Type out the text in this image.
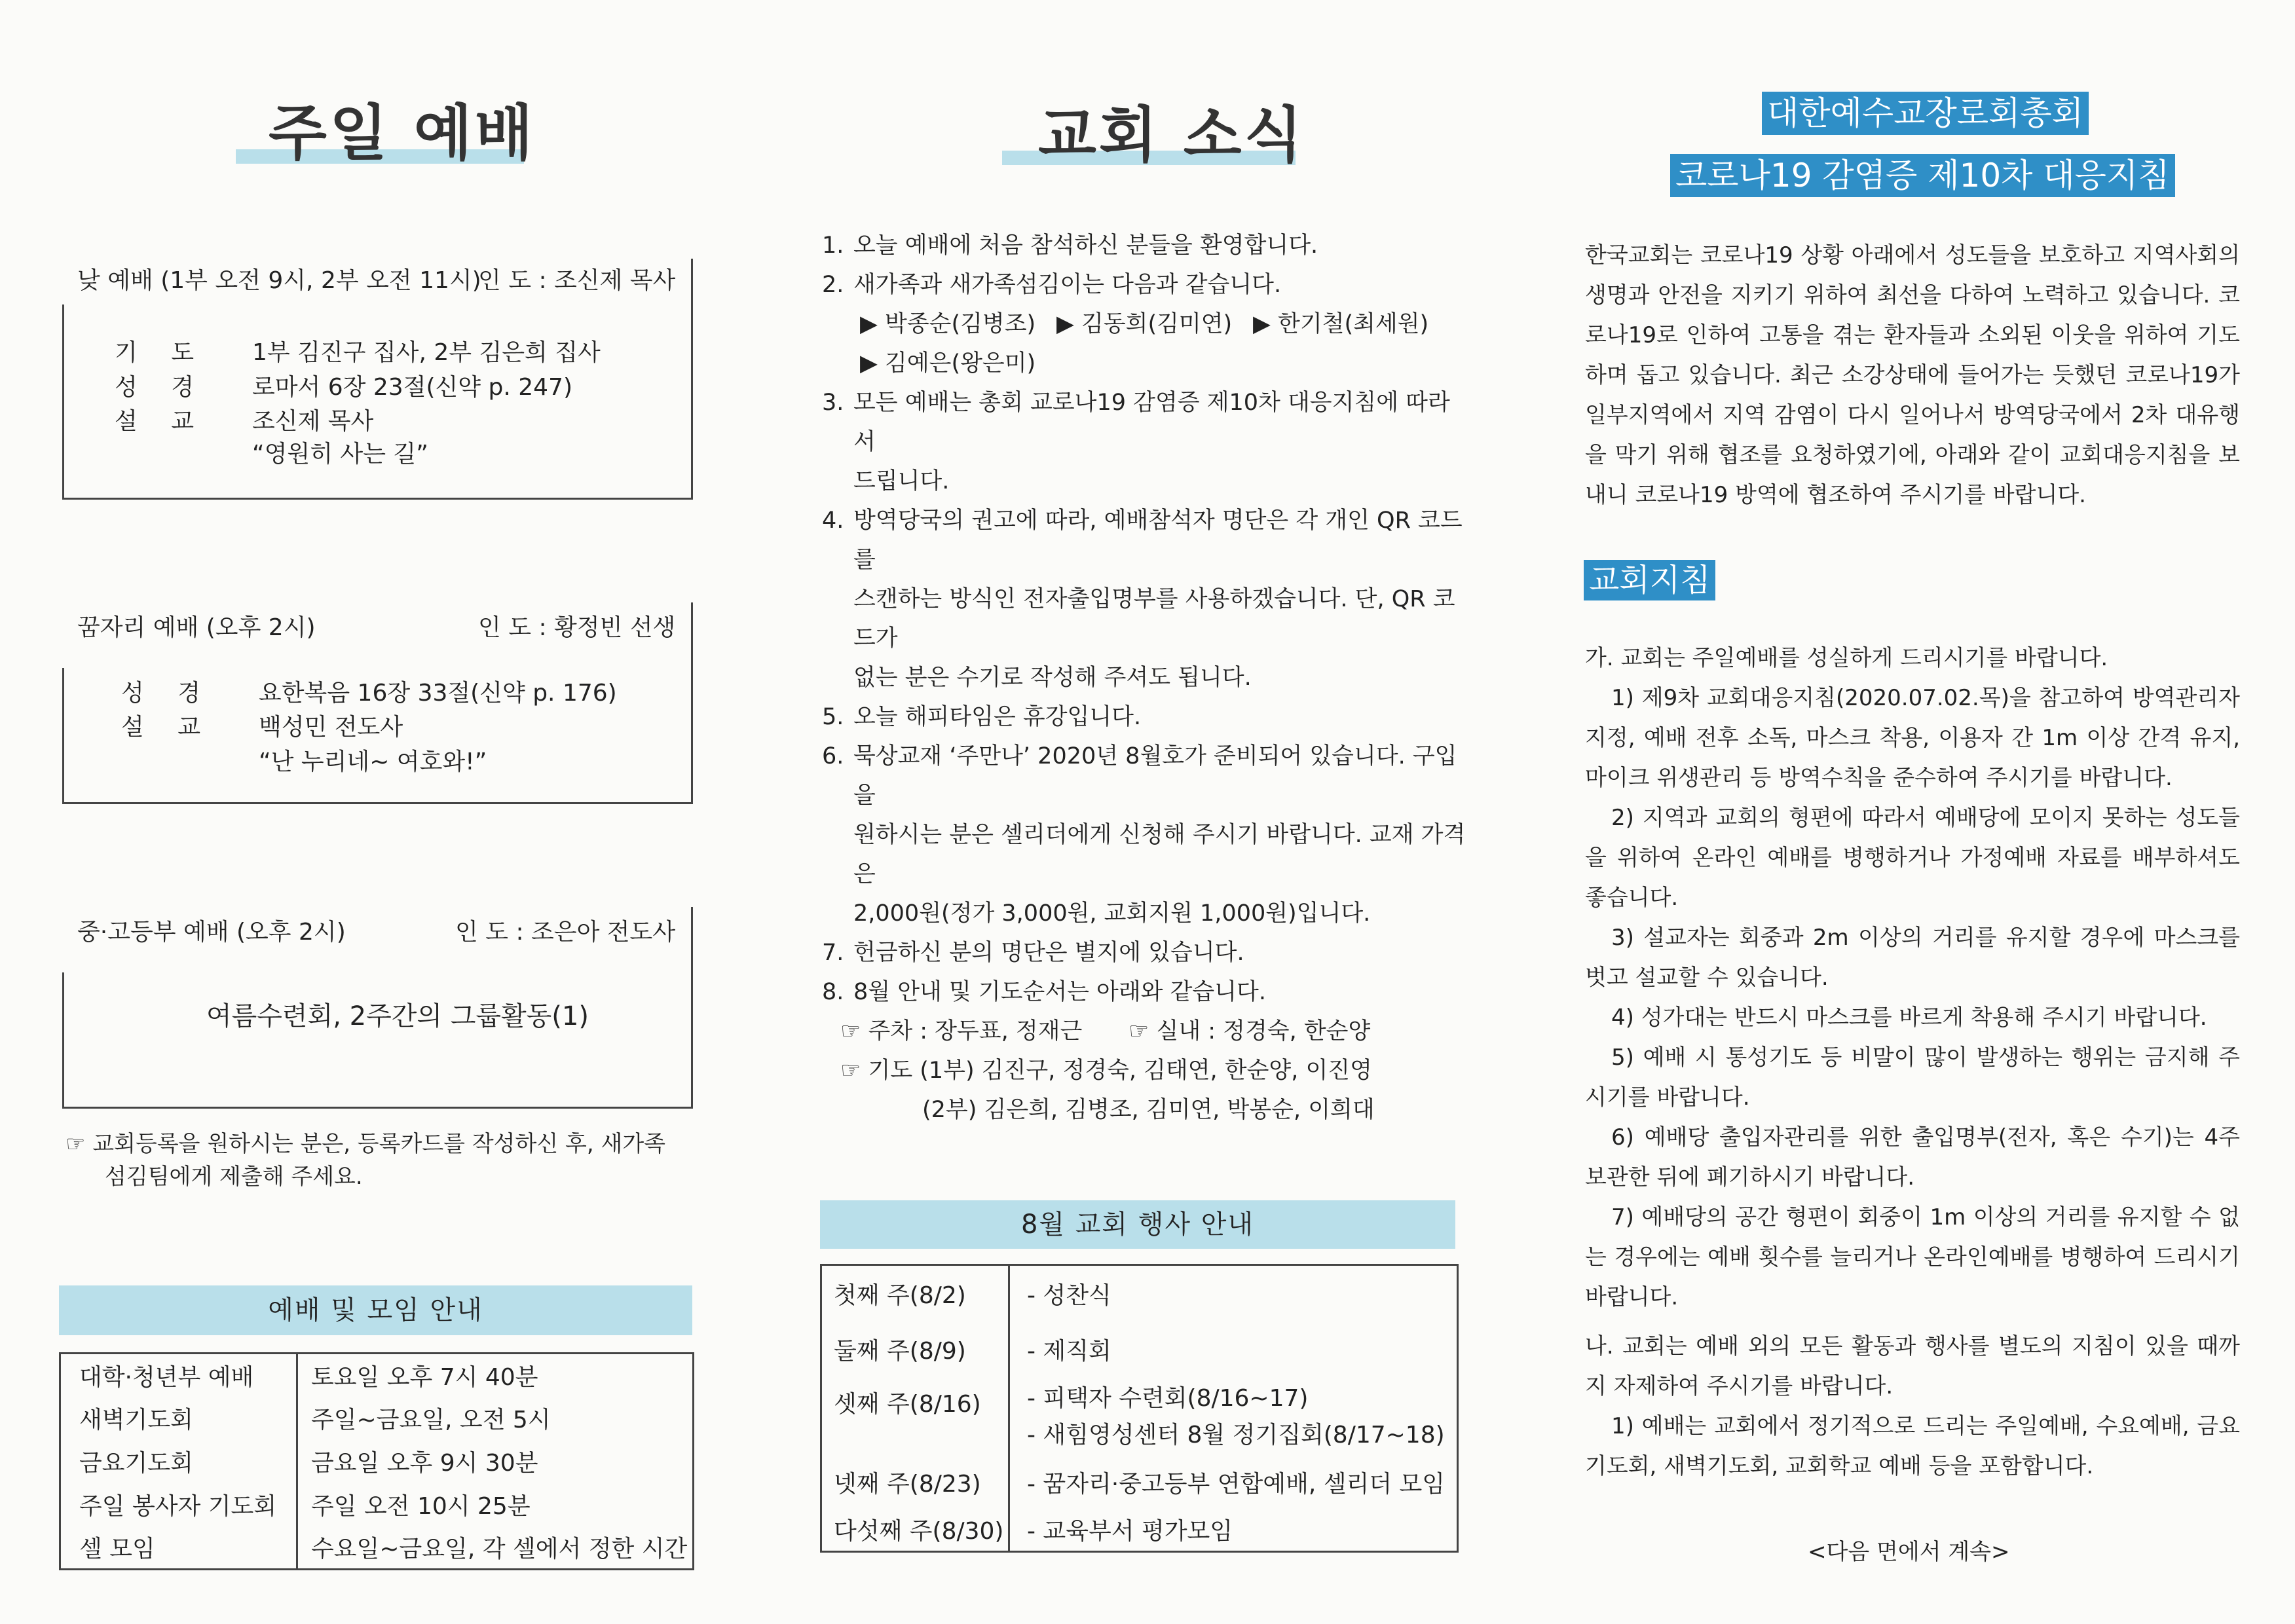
주일 예배
낮 예배 (1부 오전 9시, 2부 오전 11시)
인 도 : 조신제 목사
기 도 1부 김진구 집사, 2부 김은희 집사
성 경 로마서 6장 23절(신약 p. 247)
설 교 조신제 목사
“영원히 사는 길”
꿈자리 예배 (오후 2시)	인 도 : 황정빈 선생
성 경 요한복음 16장 33절(신약 p. 176)
설 교 백성민 전도사
“난 누리네~ 여호와!”
중·고등부 예배 (오후 2시)	인 도 : 조은아 전도사
여름수련회, 2주간의 그룹활동(1)
☞ 교회등록을 원하시는 분은, 등록카드를 작성하신 후, 새가족
섬김팀에게 제출해 주세요.
예배 및 모임 안내
대학·청년부 예배	토요일 오후 7시 40분
새벽기도회	주일~금요일, 오전 5시
금요기도회	금요일 오후 9시 30분
주일 봉사자 기도회	주일 오전 10시 25분
셀 모임	수요일~금요일, 각 셀에서 정한 시간
교회 소식
1. 오늘 예배에 처음 참석하신 분들을 환영합니다.
2. 새가족과 새가족섬김이는 다음과 같습니다.
▶ 박종순(김병조) ▶ 김동희(김미연) ▶ 한기철(최세원)
▶ 김예은(왕은미)
3. 모든 예배는 총회 교로나19 감염증 제10차 대응지침에 따라서
드립니다.
4. 방역당국의 권고에 따라, 예배참석자 명단은 각 개인 QR 코드를
스캔하는 방식인 전자출입명부를 사용하겠습니다. 단, QR 코드가
없는 분은 수기로 작성해 주셔도 됩니다.
5. 오늘 해피타임은 휴강입니다.
6. 묵상교재 ‘주만나’ 2020년 8월호가 준비되어 있습니다. 구입을
원하시는 분은 셀리더에게 신청해 주시기 바랍니다. 교재 가격은
2,000원(정가 3,000원, 교회지원 1,000원)입니다.
7. 헌금하신 분의 명단은 별지에 있습니다.
8. 8월 안내 및 기도순서는 아래와 같습니다.
☞ 주차 : 장두표, 정재근 ☞ 실내 : 정경숙, 한순양
☞ 기도 (1부) 김진구, 정경숙, 김태연, 한순양, 이진영
(2부) 김은희, 김병조, 김미연, 박봉순, 이희대
8월 교회 행사 안내
첫째 주(8/2)	- 성찬식
둘째 주(8/9)	- 제직회
셋째 주(8/16)	- 피택자 수련회(8/16~17)
- 새힘영성센터 8월 정기집회(8/17~18)

넷째 주(8/23)	- 꿈자리·중고등부 연합예배, 셀리더 모임
다섯째 주(8/30)	- 교육부서 평가모임
대한예수교장로회총회
코로나19 감염증 제10차 대응지침

한국교회는 코로나19 상황 아래에서 성도들을 보호하고 지역사회의 생명과 안전을 지키기 위하여 최선을 다하여 노력하고 있습니다. 코로나19로 인하여 고통을 겪는 환자들과 소외된 이웃을 위하여 기도하며 돕고 있습니다. 최근 소강상태에 들어가는 듯했던 코로나19가 일부지역에서 지역 감염이 다시 일어나서 방역당국에서 2차 대유행을 막기 위해 협조를 요청하였기에, 아래와 같이 교회대응지침을 보내니 코로나19 방역에 협조하여 주시기를 바랍니다.

교회지침

가. 교회는 주일예배를 성실하게 드리시기를 바랍니다.

1) 제9차 교회대응지침(2020.07.02.목)을 참고하여 방역관리자 지정, 예배 전후 소독, 마스크 착용, 이용자 간 1m 이상 간격 유지, 마이크 위생관리 등 방역수칙을 준수하여 주시기를 바랍니다.

2) 지역과 교회의 형편에 따라서 예배당에 모이지 못하는 성도들을 위하여 온라인 예배를 병행하거나 가정예배 자료를 배부하셔도 좋습니다.

3) 설교자는 회중과 2m 이상의 거리를 유지할 경우에 마스크를 벗고 설교할 수 있습니다.

4) 성가대는 반드시 마스크를 바르게 착용해 주시기 바랍니다.

5) 예배 시 통성기도 등 비말이 많이 발생하는 행위는 금지해 주시기를 바랍니다.

6) 예배당 출입자관리를 위한 출입명부(전자, 혹은 수기)는 4주 보관한 뒤에 폐기하시기 바랍니다.

7) 예배당의 공간 형편이 회중이 1m 이상의 거리를 유지할 수 없는 경우에는 예배 횟수를 늘리거나 온라인예배를 병행하여 드리시기 바랍니다.

나. 교회는 예배 외의 모든 활동과 행사를 별도의 지침이 있을 때까지 자제하여 주시기를 바랍니다.

1) 예배는 교회에서 정기적으로 드리는 주일예배, 수요예배, 금요기도회, 새벽기도회, 교회학교 예배 등을 포함합니다.

<다음 면에서 계속>
